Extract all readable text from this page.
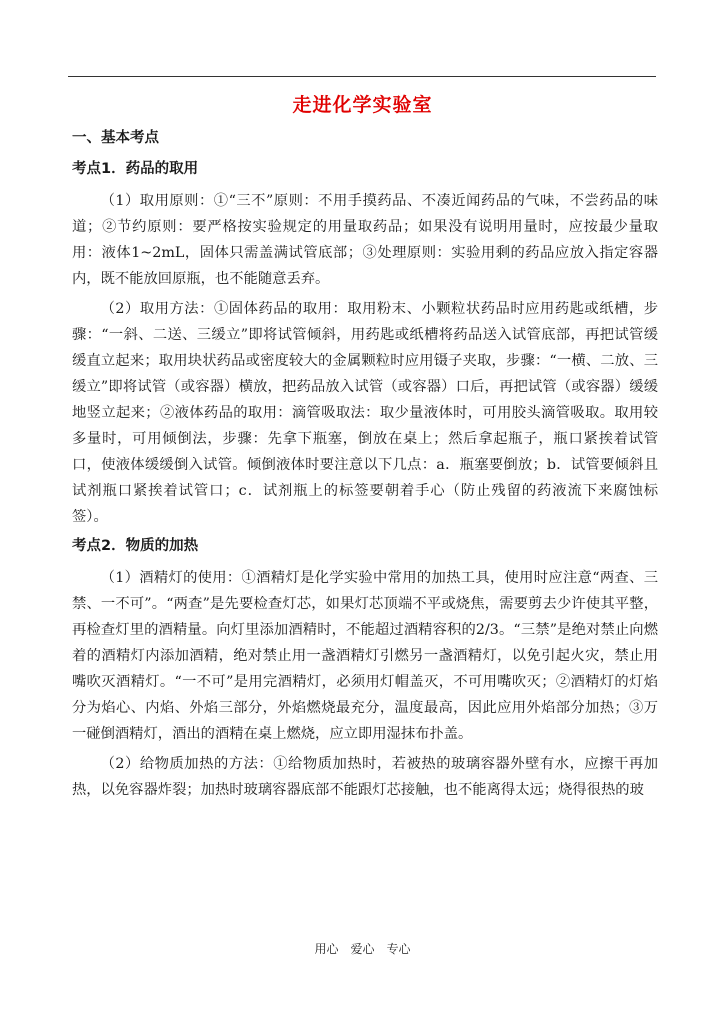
走进化学实验室
一、基本考点
考点1．药品的取用

（1）取用原则：①“三不”原则：不用手摸药品、不凑近闻药品的气味，不尝药品的味道；②节约原则：要严格按实验规定的用量取药品；如果没有说明用量时，应按最少量取用：液体1~2mL，固体只需盖满试管底部；③处理原则：实验用剩的药品应放入指定容器内，既不能放回原瓶，也不能随意丢弃。

（2）取用方法：①固体药品的取用：取用粉末、小颗粒状药品时应用药匙或纸槽，步骤：“一斜、二送、三缓立”即将试管倾斜，用药匙或纸槽将药品送入试管底部，再把试管缓缓直立起来；取用块状药品或密度较大的金属颗粒时应用镊子夹取，步骤：“一横、二放、三缓立”即将试管（或容器）横放，把药品放入试管（或容器）口后，再把试管（或容器）缓缓地竖立起来；②液体药品的取用：滴管吸取法：取少量液体时，可用胶头滴管吸取。取用较多量时，可用倾倒法，步骤：先拿下瓶塞，倒放在桌上；然后拿起瓶子，瓶口紧挨着试管口，使液体缓缓倒入试管。倾倒液体时要注意以下几点：a．瓶塞要倒放；b．试管要倾斜且试剂瓶口紧挨着试管口；c．试剂瓶上的标签要朝着手心（防止残留的药液流下来腐蚀标签）。

考点2．物质的加热

（1）酒精灯的使用：①酒精灯是化学实验中常用的加热工具，使用时应注意“两查、三禁、一不可”。“两查”是先要检查灯芯，如果灯芯顶端不平或烧焦，需要剪去少许使其平整，再检查灯里的酒精量。向灯里添加酒精时，不能超过酒精容积的2/3。“三禁”是绝对禁止向燃着的酒精灯内添加酒精，绝对禁止用一盏酒精灯引燃另一盏酒精灯，以免引起火灾，禁止用嘴吹灭酒精灯。“一不可”是用完酒精灯，必须用灯帽盖灭，不可用嘴吹灭；②酒精灯的灯焰分为焰心、内焰、外焰三部分，外焰燃烧最充分，温度最高，因此应用外焰部分加热；③万一碰倒酒精灯，酒出的酒精在桌上燃烧，应立即用湿抹布扑盖。

（2）给物质加热的方法：①给物质加热时，若被热的玻璃容器外壁有水，应擦干再加热，以免容器炸裂；加热时玻璃容器底部不能跟灯芯接触，也不能离得太远；烧得很热的玻

用心　爱心　专心
